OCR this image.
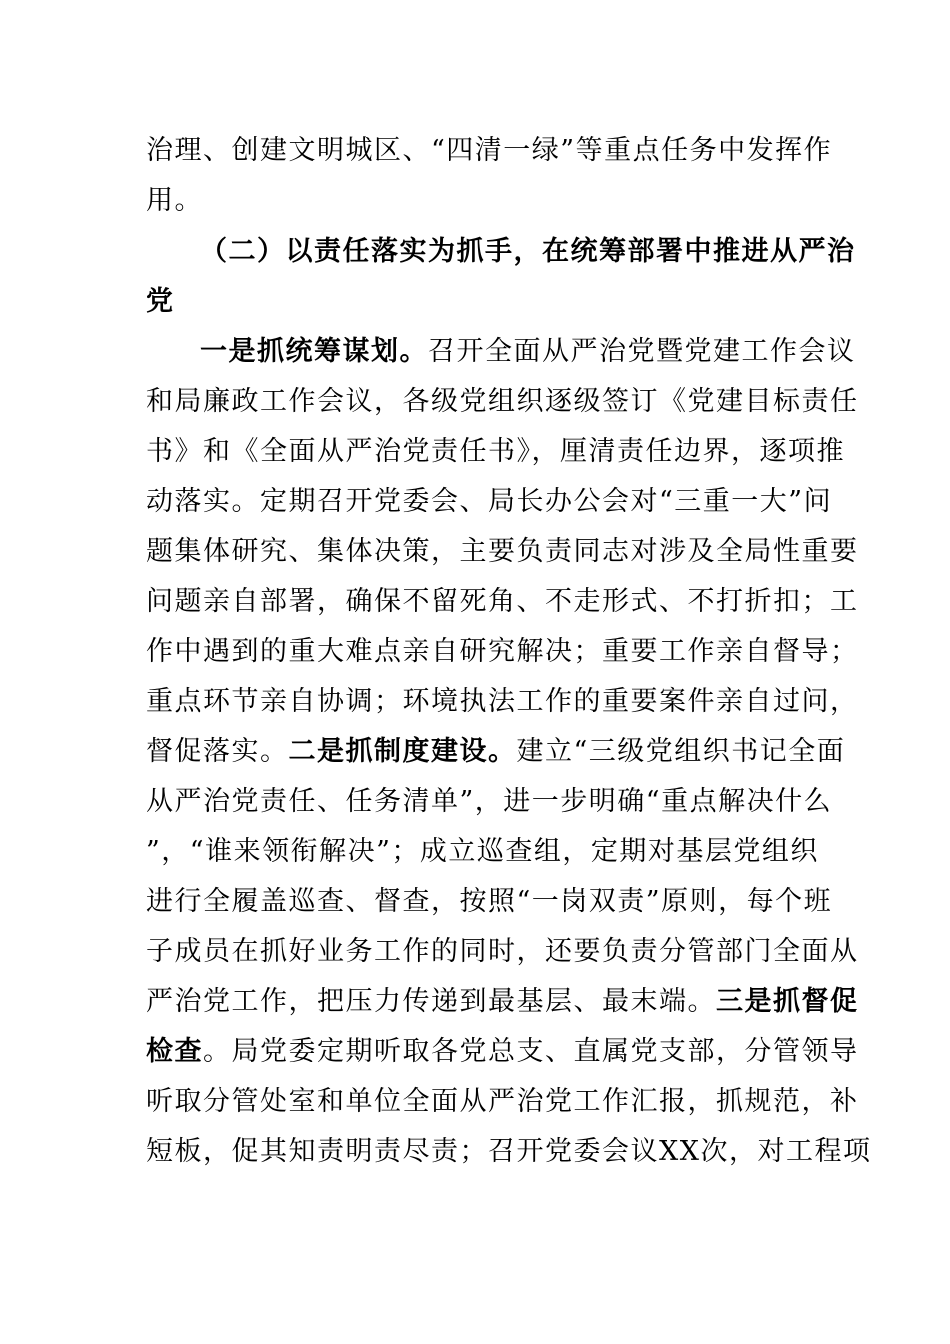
治理、创建文明城区、“四清一绿”等重点任务中发挥作
用。
（二）以责任落实为抓手，在统筹部署中推进从严治
党
一是抓统筹谋划。召开全面从严治党暨党建工作会议
和局廉政工作会议，各级党组织逐级签订《党建目标责任
书》和《全面从严治党责任书》，厘清责任边界，逐项推
动落实。定期召开党委会、局长办公会对“三重一大”问
题集体研究、集体决策，主要负责同志对涉及全局性重要
问题亲自部署，确保不留死角、不走形式、不打折扣；工
作中遇到的重大难点亲自研究解决；重要工作亲自督导；
重点环节亲自协调；环境执法工作的重要案件亲自过问，
督促落实。二是抓制度建设。建立“三级党组织书记全面
从严治党责任、任务清单”，进一步明确“重点解决什么
”，“谁来领衔解决”；成立巡查组，定期对基层党组织
进行全履盖巡查、督查，按照“一岗双责”原则，每个班
子成员在抓好业务工作的同时，还要负责分管部门全面从
严治党工作，把压力传递到最基层、最末端。三是抓督促
检查。局党委定期听取各党总支、直属党支部，分管领导
听取分管处室和单位全面从严治党工作汇报，抓规范，补
短板，促其知责明责尽责；召开党委会议XX次，对工程项
